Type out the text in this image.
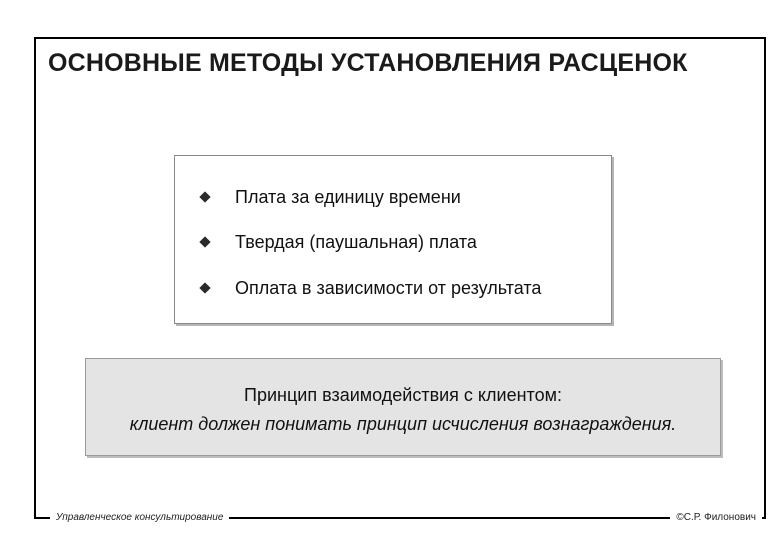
ОСНОВНЫЕ МЕТОДЫ УСТАНОВЛЕНИЯ РАСЦЕНОК
Плата за единицу времени
Твердая (паушальная) плата
Оплата в зависимости от результата
Принцип взаимодействия с клиентом:
клиент должен понимать принцип исчисления вознаграждения.
Управленческое консультирование	©С.Р. Филонович
